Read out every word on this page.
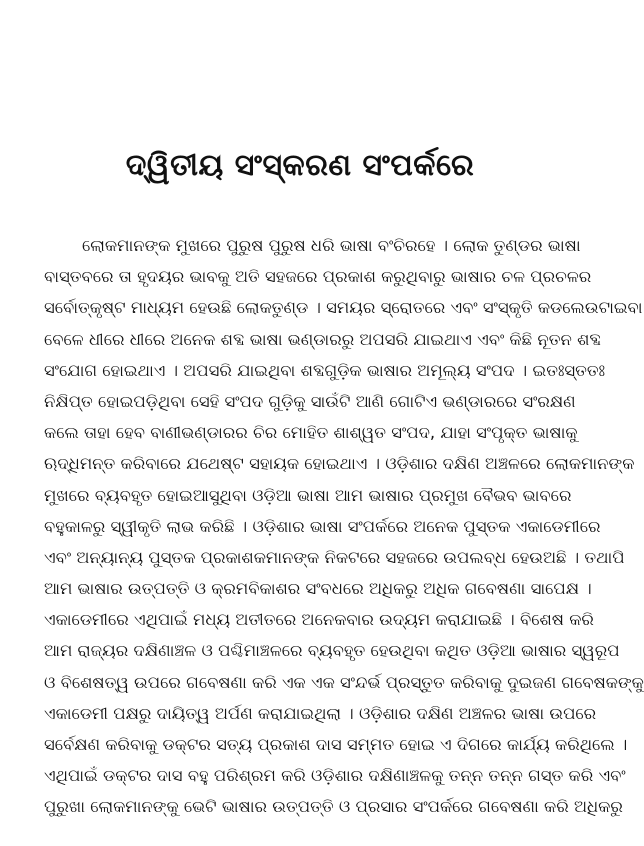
ଦ୍ୱିତୀୟ ସଂସ୍କରଣ ସଂପର୍କରେ
ଲୋକମାନଙ୍କ ମୁଖରେ ପୁରୁଷ ପୁରୁଷ ଧରି ଭାଷା ବଂଚିରହେ । ଲୋକ ତୁଣ୍ଡର ଭାଷା
ବାସ୍ତବରେ ତା ହୃଦୟର ଭାବକୁ ଅତି ସହଜରେ ପ୍ରକାଶ କରୁଥିବାରୁ ଭାଷାର ଚଳ ପ୍ରଚଳର
ସର୍ବୋତ୍କୃଷ୍ଟ ମାଧ୍ୟମ ହେଉଛି ଲୋକତୁଣ୍ଡ । ସମୟର ସ୍ରୋତରେ ଏବଂ ସଂସ୍କୃତି କଡଲେଉଟାଇବା
ବେଳେ ଧୀରେ ଧୀରେ ଅନେକ ଶବ୍ଦ ଭାଷା ଭଣ୍ଡାରରୁ ଅପସରି ଯାଇଥାଏ ଏବଂ କିଛି ନୂତନ ଶବ୍ଦ
ସଂଯୋଗ ହୋଇଥାଏ । ଅପସରି ଯାଇଥିବା ଶବ୍ଦଗୁଡ଼ିକ ଭାଷାର ଅମୂଲ୍ୟ ସଂପଦ । ଇତଃସ୍ତତଃ
ନିକ୍ଷିପ୍ତ ହୋଇପଡ଼ିଥିବା ସେହି ସଂପଦ ଗୁଡ଼ିକୁ ସାଉଁଟି ଆଣି ଗୋଟିଏ ଭଣ୍ଡାରରେ ସଂରକ୍ଷଣ
କଲେ ତାହା ହେବ ବାଣୀଭଣ୍ଡାରର ଚିର ମୋହିତ ଶାଶ୍ୱତ ସଂପଦ, ଯାହା ସଂପୃକ୍ତ ଭାଷାକୁ
ଋଦ୍ଧିମନ୍ତ କରିବାରେ ଯଥେଷ୍ଟ ସହାୟକ ହୋଇଥାଏ । ଓଡ଼ିଶାର ଦକ୍ଷିଣ ଅଞ୍ଚଳରେ ଲୋକମାନଙ୍କ
ମୁଖରେ ବ୍ୟବହୃତ ହୋଇଆସୁଥିବା ଓଡ଼ିଆ ଭାଷା ଆମ ଭାଷାର ପ୍ରମୁଖ ବୈଭବ ଭାବରେ
ବହୁକାଳରୁ ସ୍ୱୀକୃତି ଲାଭ କରିଛି । ଓଡ଼ିଶାର ଭାଷା ସଂପର୍କରେ ଅନେକ ପୁସ୍ତକ ଏକାଡେମୀରେ
ଏବଂ ଅନ୍ୟାନ୍ୟ ପୁସ୍ତକ ପ୍ରକାଶକମାନଙ୍କ ନିକଟରେ ସହଜରେ ଉପଲବ୍ଧ ହେଉଅଛି । ତଥାପି
ଆମ ଭାଷାର ଉତ୍ପତ୍ତି ଓ କ୍ରମବିକାଶର ସଂବଧରେ ଅଧିକରୁ ଅଧିକ ଗବେଷଣା ସାପେକ୍ଷ ।
ଏକାଡେମୀରେ ଏଥିପାଇଁ ମଧ୍ୟ ଅତୀତରେ ଅନେକବାର ଉଦ୍ୟମ କରାଯାଇଛି । ବିଶେଷ କରି
ଆମ ରାଜ୍ୟର ଦକ୍ଷିଣାଞ୍ଚଳ ଓ ପଶ୍ଚିମାଞ୍ଚଳରେ ବ୍ୟବହୃତ ହେଉଥିବା କଥିତ ଓଡ଼ିଆ ଭାଷାର ସ୍ୱରୂପ
ଓ ବିଶେଷତ୍ୱ ଉପରେ ଗବେଷଣା କରି ଏକ ଏକ ସଂନ୍ଦର୍ଭ ପ୍ରସ୍ତୁତ କରିବାକୁ ଦୁଇଜଣ ଗବେଷକଙ୍କୁ
ଏକାଡେମୀ ପକ୍ଷରୁ ଦାୟିତ୍ୱ ଅର୍ପଣ କରାଯାଇଥିଲା । ଓଡ଼ିଶାର ଦକ୍ଷିଣ ଅଞ୍ଚଳର ଭାଷା ଉପରେ
ସର୍ବେକ୍ଷଣ କରିବାକୁ ଡକ୍ଟର ସତ୍ୟ ପ୍ରକାଶ ଦାସ ସମ୍ମତ ହୋଇ ଏ ଦିଗରେ କାର୍ଯ୍ୟ କରିଥିଲେ ।
ଏଥିପାଇଁ ଡକ୍ଟର ଦାସ ବହୁ ପରିଶ୍ରମ କରି ଓଡ଼ିଶାର ଦକ୍ଷିଣାଞ୍ଚଳକୁ ତନ୍ନ ତନ୍ନ ଗସ୍ତ କରି ଏବଂ
ପୁରୁଖା ଲୋକମାନଙ୍କୁ ଭେଟି ଭାଷାର ଉତ୍ପତ୍ତି ଓ ପ୍ରସାର ସଂପର୍କରେ ଗବେଷଣା କରି ଅଧିକରୁ
